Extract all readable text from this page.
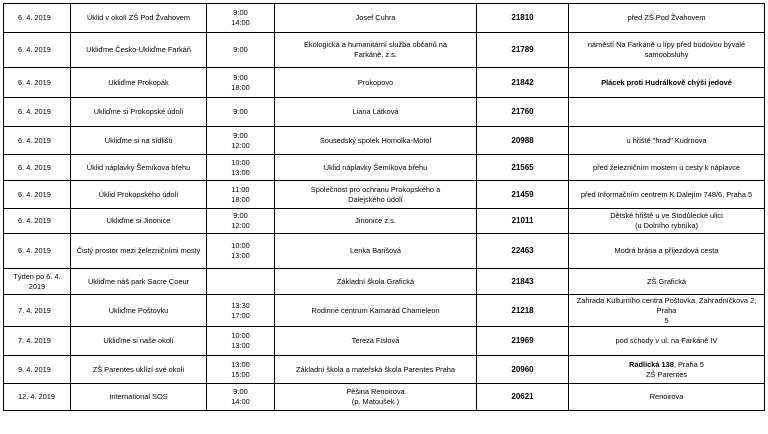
6. 4. 2019	Úklid v okolí ZŠ Pod Žvahovem	9:00
14:00	Josef Cuhra	21810	před ZŠ Pod Žvahovem

6. 4. 2019	Ukliďme Česko-Ukliďme Farkáň	9:00	Ekologická a humanitární služba občanů na
Farkáně, z.s.	21789	náměstí Na Farkáně u lípy před budovou bývalé samoobsluhy

6. 4. 2019	Ukliďme Prokopák	9:00
18:00	Prokopovo	21842	Plácek proti Hudrálkově chýši jedové

6. 4. 2019	Ukliďme si Prokopské údolí	9:00	Liana Látková	21760	
6. 4. 2019	Ukliďme si na sídlišti	9:00
12:00	Sousedský spolek Homolka-Motol	20988	u hřiště "hrad" Kudrnova

6. 4. 2019	Úklid náplavky Šemíkova břehu	10:00
13:00	Úklid náplavky Šemíkova břehu	21565	před železničním mostem u cesty k náplavce

6. 4. 2019	Úklid Prokopského údolí	11:00
18:00	Společnost pro ochranu Prokopského a
Dalejského údolí	21459	před Informačním centrem K Dalejím 748/6, Praha 5

6. 4. 2019	Ukliďme si Jinonice	9:00
12:00	Jinonice z.s.	21011	Dětské hřiště u ve Stodůlecké ulici
(u Dolního rybníka)

6. 4. 2019	Čistý prostor mezi železničními mosty	10:00
13:00	Lenka Barišová	22463	Modrá brána a příjezdová cesta

Týden po 6. 4. 2019	Ukliďme náš park Sacre Coeur		Základní škola Grafická	21843	ZŠ Grafická

7. 4. 2019	Ukliďme Poštovku	13:30
17:00	Rodinné centrum Kamarád Chameleon	21218	Zahrada Kulturního centra Poštovka, Zahradníčkova 2, Praha
5

7. 4. 2019	Ukliďme si naše okolí	10:00
13:00	Tereza Fislová	21969	pod schody v ul. na Farkáně IV

9. 4. 2019	ZŠ Parentes uklízí své okolí	13:00
15:00	Základní škola a mateřská škola Parentes Praha	20960	Radlická 138, Praha 5
ZŠ Parentes

12. 4. 2019	International SOS	9:00
14:00	Pěšina Renoirova
(p. Matoušek )	20621	Renoirova
